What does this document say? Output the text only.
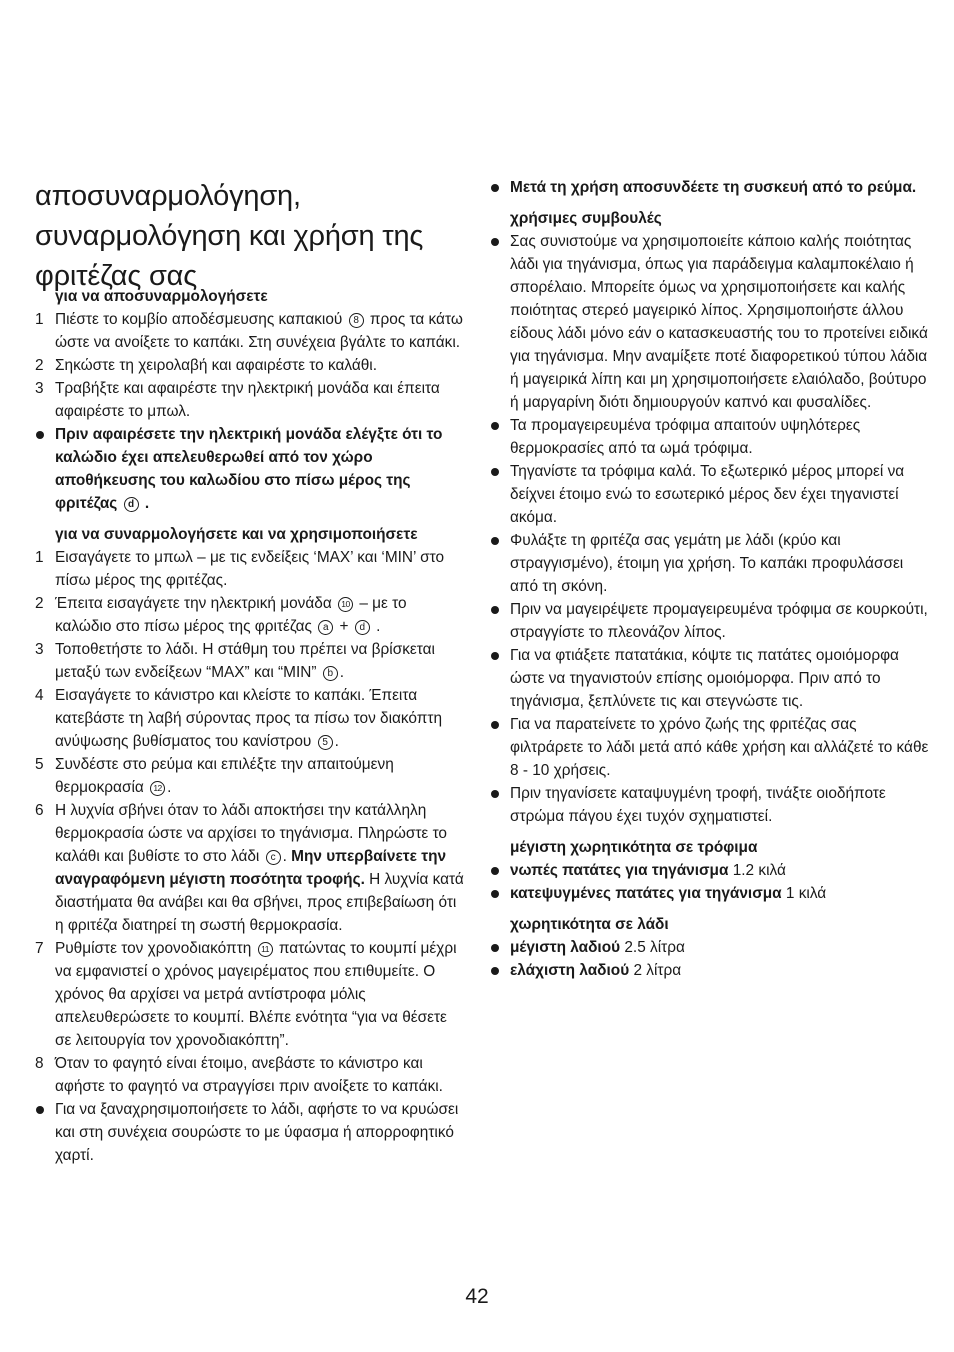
αποσυναρμολόγηση,
συναρμολόγηση και χρήση της
φριτέζας σας

για να αποσυναρμολογήσετε

1 Πιέστε το κομβίο αποδέσμευσης καπακιού 8 προς τα κάτω ώστε να ανοίξετε το καπάκι. Στη συνέχεια βγάλτε το καπάκι.

2 Σηκώστε τη χειρολαβή και αφαιρέστε το καλάθι.

3 Τραβήξτε και αφαιρέστε την ηλεκτρική μονάδα και έπειτα αφαιρέστε το μπωλ.

Πριν αφαιρέσετε την ηλεκτρική μονάδα ελέγξτε ότι το καλώδιο έχει απελευθερωθεί από τον χώρο αποθήκευσης του καλωδίου στο πίσω μέρος της φριτέζας d .

για να συναρμολογήσετε και να χρησιμοποιήσετε

1 Εισαγάγετε το μπωλ – με τις ενδείξεις ‘MAX’ και ‘MIN’ στο πίσω μέρος της φριτέζας.

2 Έπειτα εισαγάγετε την ηλεκτρική μονάδα 10 – με το καλώδιο στο πίσω μέρος της φριτέζας a + d .

3 Τοποθετήστε το λάδι. Η στάθμη του πρέπει να βρίσκεται μεταξύ των ενδείξεων “MAX” και “MIN” b .

4 Εισαγάγετε το κάνιστρο και κλείστε το καπάκι. Έπειτα κατεβάστε τη λαβή σύροντας προς τα πίσω τον διακόπτη ανύψωσης βυθίσματος του κανίστρου 5 .

5 Συνδέστε στο ρεύμα και επιλέξτε την απαιτούμενη θερμοκρασία 12 .

6 Η λυχνία σβήνει όταν το λάδι αποκτήσει την κατάλληλη θερμοκρασία ώστε να αρχίσει το τηγάνισμα. Πληρώστε το καλάθι και βυθίστε το στο λάδι c . Μην υπερβαίνετε την αναγραφόμενη μέγιστη ποσότητα τροφής. Η λυχνία κατά διαστήματα θα ανάβει και θα σβήνει, προς επιβεβαίωση ότι η φριτέζα διατηρεί τη σωστή θερμοκρασία.

7 Ρυθμίστε τον χρονοδιακόπτη 11 πατώντας το κουμπί μέχρι να εμφανιστεί ο χρόνος μαγειρέματος που επιθυμείτε. Ο χρόνος θα αρχίσει να μετρά αντίστροφα μόλις απελευθερώσετε το κουμπί. Βλέπε ενότητα “για να θέσετε σε λειτουργία τον χρονοδιακόπτη”.

8 Όταν το φαγητό είναι έτοιμο, ανεβάστε το κάνιστρο και αφήστε το φαγητό να στραγγίσει πριν ανοίξετε το καπάκι.

Για να ξαναχρησιμοποιήσετε το λάδι, αφήστε το να κρυώσει και στη συνέχεια σουρώστε το με ύφασμα ή απορροφητικό χαρτί.

Μετά τη χρήση αποσυνδέετε τη συσκευή από το ρεύμα.

χρήσιμες συμβουλές

Σας συνιστούμε να χρησιμοποιείτε κάποιο καλής ποιότητας λάδι για τηγάνισμα, όπως για παράδειγμα καλαμποκέλαιο ή σπορέλαιο. Μπορείτε όμως να χρησιμοποιήσετε και καλής ποιότητας στερεό μαγειρικό λίπος. Χρησιμοποιήστε άλλου είδους λάδι μόνο εάν ο κατασκευαστής του το προτείνει ειδικά για τηγάνισμα. Μην αναμίξετε ποτέ διαφορετικού τύπου λάδια ή μαγειρικά λίπη και μη χρησιμοποιήσετε ελαιόλαδο, βούτυρο ή μαργαρίνη διότι δημιουργούν καπνό και φυσαλίδες.

Τα προμαγειρευμένα τρόφιμα απαιτούν υψηλότερες θερμοκρασίες από τα ωμά τρόφιμα.

Τηγανίστε τα τρόφιμα καλά. Το εξωτερικό μέρος μπορεί να δείχνει έτοιμο ενώ το εσωτερικό μέρος δεν έχει τηγανιστεί ακόμα.

Φυλάξτε τη φριτέζα σας γεμάτη με λάδι (κρύο και στραγγισμένο), έτοιμη για χρήση. Το καπάκι προφυλάσσει από τη σκόνη.

Πριν να μαγειρέψετε προμαγειρευμένα τρόφιμα σε κουρκούτι, στραγγίστε το πλεονάζον λίπος.

Για να φτιάξετε πατατάκια, κόψτε τις πατάτες ομοιόμορφα ώστε να τηγανιστούν επίσης ομοιόμορφα. Πριν από το τηγάνισμα, ξεπλύνετε τις και στεγνώστε τις.

Για να παρατείνετε το χρόνο ζωής της φριτέζας σας φιλτράρετε το λάδι μετά από κάθε χρήση και αλλάζετέ το κάθε 8 - 10 χρήσεις.

Πριν τηγανίσετε καταψυγμένη τροφή, τινάξτε οιοδήποτε στρώμα πάγου έχει τυχόν σχηματιστεί.

μέγιστη χωρητικότητα σε τρόφιμα

νωπές πατάτες για τηγάνισμα 1.2 κιλά

κατεψυγμένες πατάτες για τηγάνισμα 1 κιλά

χωρητικότητα σε λάδι

μέγιστη λαδιού 2.5 λίτρα

ελάχιστη λαδιού 2 λίτρα

42
